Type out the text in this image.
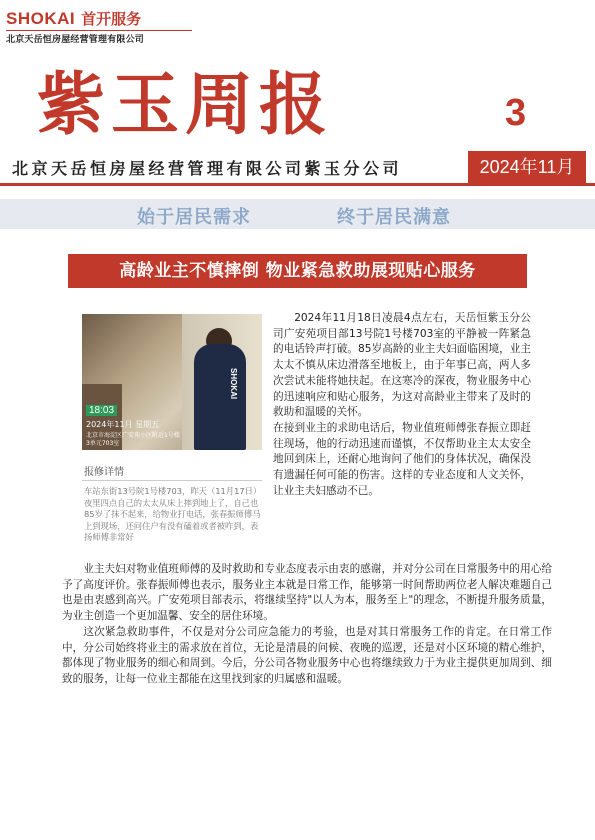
SHOKAI 首开服务
北京天岳恒房屋经营管理有限公司
紫玉周报	3
北京天岳恒房屋经营管理有限公司紫玉分公司	2024年11月
始于居民需求	终于居民满意
高龄业主不慎摔倒 物业紧急救助展现贴心服务
SHOKAI
18:03
2024年11月 星期五
北京市海淀区广安苑小区附近1号楼3单元703室
报修详情
车站东街13号院1号楼703，昨天（11月17日）夜里四点自己的太太从床上摔到地上了，自己也85岁了抹不起来，给物业打电话，张春振师傅马上到现场，还问住户有没有磕着或者被咋到，表扬师傅非常好

2024年11月18日凌晨4点左右，天岳恒紫玉分公司广安苑项目部13号院1号楼703室的平静被一阵紧急的电话铃声打破。85岁高龄的业主夫妇面临困境，业主太太不慎从床边滑落至地板上，由于年事已高，两人多次尝试未能将她扶起。在这寒冷的深夜，物业服务中心的迅速响应和贴心服务，为这对高龄业主带来了及时的救助和温暖的关怀。

在接到业主的求助电话后，物业值班师傅张春振立即赶往现场，他的行动迅速而谨慎，不仅帮助业主太太安全地回到床上，还耐心地询问了他们的身体状况，确保没有遗漏任何可能的伤害。这样的专业态度和人文关怀，让业主夫妇感动不已。

业主夫妇对物业值班师傅的及时救助和专业态度表示由衷的感谢，并对分公司在日常服务中的用心给予了高度评价。张春振师傅也表示，服务业主本就是日常工作，能够第一时间帮助两位老人解决难题自己也是由衷感到高兴。广安苑项目部表示，将继续坚持"以人为本，服务至上"的理念，不断提升服务质量，为业主创造一个更加温馨、安全的居住环境。

这次紧急救助事件，不仅是对分公司应急能力的考验，也是对其日常服务工作的肯定。在日常工作中，分公司始终将业主的需求放在首位，无论是清晨的问候、夜晚的巡逻，还是对小区环境的精心维护，都体现了物业服务的细心和周到。今后，分公司各物业服务中心也将继续致力于为业主提供更加周到、细致的服务，让每一位业主都能在这里找到家的归属感和温暖。
